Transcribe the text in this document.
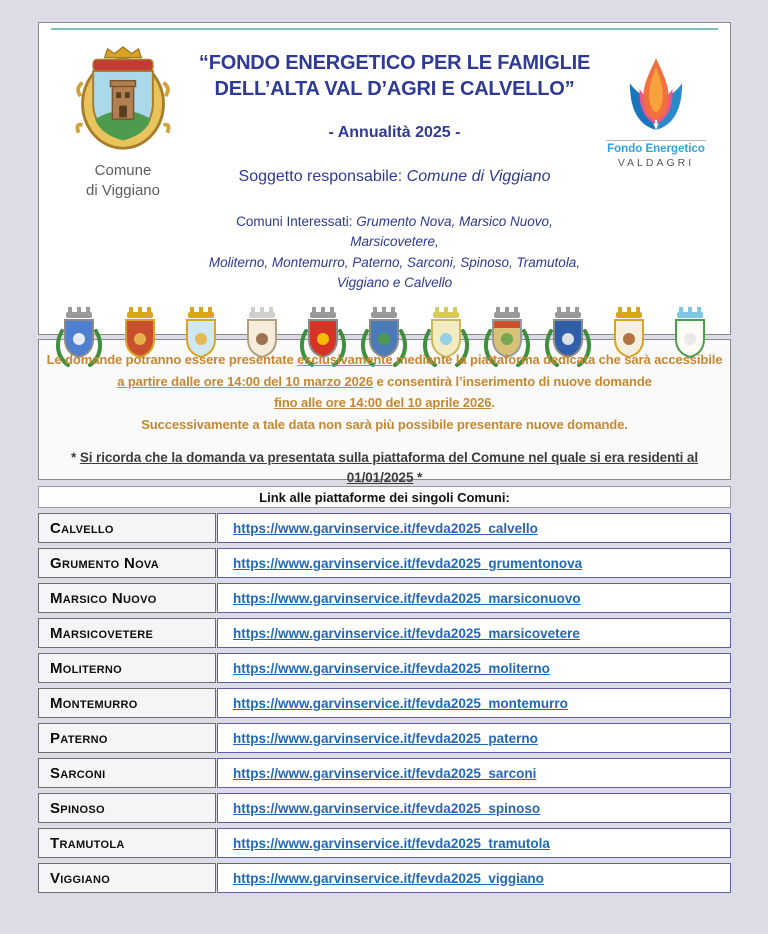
Comune
di Viggiano
“FONDO ENERGETICO PER LE FAMIGLIE
DELL’ALTA VAL D’AGRI E CALVELLO”
- Annualità 2025 -
Soggetto responsabile: Comune di Viggiano
Comuni Interessati: Grumento Nova, Marsico Nuovo, Marsicovetere,
Moliterno, Montemurro, Paterno, Sarconi, Spinoso, Tramutola, Viggiano e Calvello
Fondo Energetico
VALDAGRI

Le domande potranno essere presentate esclusivamente mediante la piattaforma dedicata che sarà accessibile

a partire dalle ore 14:00 del 10 marzo 2026 e consentirà l’inserimento di nuove domande

fino alle ore 14:00 del 10 aprile 2026.

Successivamente a tale data non sarà più possibile presentare nuove domande.

* Si ricorda che la domanda va presentata sulla piattaforma del Comune nel quale si era residenti al
01/01/2025 *

Link alle piattaforme dei singoli Comuni:
Calvello	https://www.garvinservice.it/fevda2025_calvello
Grumento Nova	https://www.garvinservice.it/fevda2025_grumentonova
Marsico Nuovo	https://www.garvinservice.it/fevda2025_marsiconuovo
Marsicovetere	https://www.garvinservice.it/fevda2025_marsicovetere
Moliterno	https://www.garvinservice.it/fevda2025_moliterno
Montemurro	https://www.garvinservice.it/fevda2025_montemurro
Paterno	https://www.garvinservice.it/fevda2025_paterno
Sarconi	https://www.garvinservice.it/fevda2025_sarconi
Spinoso	https://www.garvinservice.it/fevda2025_spinoso
Tramutola	https://www.garvinservice.it/fevda2025_tramutola
Viggiano	https://www.garvinservice.it/fevda2025_viggiano
